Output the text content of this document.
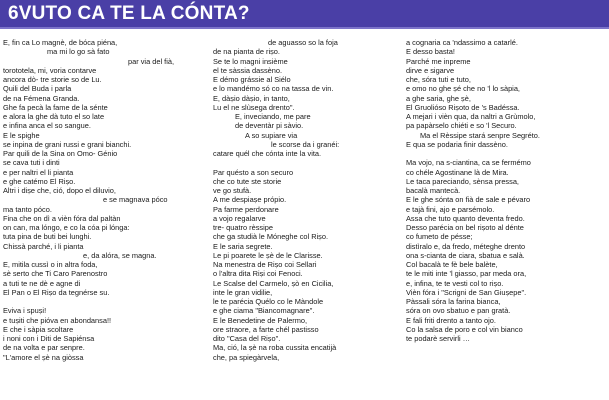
6VUTO CA TE LA CÓNTA?
E, fin ca Lo magnè, de bóca piéna,
ma mi lo go sà fato
par via del fià,
torototela, mi, voria contarve
ancora dò- tre storie so de Lu.
Quili del Buda i parla
de na Fémena Granda.
Ghe fa pecà la fame de la sénte
e alora la ghe dà tuto el so late
e infina anca el so sangue.
E le spighe
se inpina de grani russi e grani bianchi.
Par quili de la Sina on Omo- Génio
se cava tuti i dinti
e per naltri el li pianta
e ghe catémo El Riṣo.
Altri i diṣe che, ció, dopo el diluvio,
e se magnava póco
ma tanto póco.
Fina che on dì a vièn fóra dal paltàn
on can, ma lóngo, e co la cóa pi lónga:
tuta pina de buti bei lunghi.
Chissà parché, i li pianta
e, da alóra, se magna.
E, mitila cussì o in altra foda,
sè serto che Ti Caro Parenostro
a tuti te ne dè e agne di
El Pan o El Riṣo da tegnérse su.
Eviva i spuṣi!
e tuṣiti che pióva en abondansa!!
E che i sàpia scoltare
i noni con i Diti de Sapiénsa
de na volta e par senpre.
"L'amore el ṣè na giòssa
de aguasso so la foja
de na pianta de riṣo.
Se te lo magni insième
el te sàssia dassèno.
E démo grássie al Siélo
e lo mandémo só co na tassa de vin.
E, dàṣio dàṣio, in tanto,
Lu el ne slùsega drento".
E, inveciando, me pare
de deventàr pi sàvio.
A so supiare via
le scorse da i granéi:
catare quél che cónta inte la vita.
Par quésto a son securo
che co tute ste storie
ve go stufà.
A me despiaṣe própio.
Pa farme perdonare
a vojo regalarve
tre- quatro rèssipe
che ga studià le Móneghe col Riṣo.
E le saria segrete.
Le pi poarete le ṣè de le Clarisse.
Na menestra de Riṣo coi Sellari
o l'altra dita Riṣi coi Fenoci.
Le Scalse del Carmelo, ṣò en Cicilia,
inte le gran vidilie,
le te parécia Quélo co le Màndole
e ghe ciama "Biancomagnare".
E le Benedetine de Palermo,
ore straore, a farte chél pastisso
dito "Casa del Riṣo".
Ma, ció, la ṣè na roba cussita encatijà
che, pa spiegàrvela,
a cognaria ca 'ndassimo a catarlé.
E desso basta!
Parché me inpreme
dirve e sigarve
che, sóra tuti e tuto,
e omo no ghe ṣé che no 'l lo sàpia,
a ghe saria, ghe ṣè,
El Gruolióso Riṣoto de 's Badéssa.
A mejari i vièn qua, da naltri a Grùmolo,
pa papàrselo chiéti e so 'l Securo.
Ma el Rèssipe stará senpre Segréto.
E qua se podaria finir dassèno.
Ma vojo, na s-ciantina, ca se fermémo
co chéle Agostinane là de Mira.
Le taca pareciando, sènsa pressa,
bacalà mantecà.
E le ghe sónta on fià de sale e pévaro
e tajà fini, ajo e parsémolo.
Assa che tuto quanto deventa fredo.
Desso parécia on bel riṣoto al dénte
co fumeto de pésse;
distìralo e, da fredo, méteghe drento
ona s-cianta de ciara, sbatua e salà.
Col bacalà te fè bele balète,
te le miti inte 'l giasso, par meda ora,
e, infina, te te vesti col to riṣo.
Vièn fóra i "Scrigni de San Giuṣepe".
Pàssali sóra la farina bianca,
sóra on ovo sbatuo e pan gratà.
E fali friti drento a tanto ojo.
Co la salsa de poro e col vin bianco
te podarè servirli …
